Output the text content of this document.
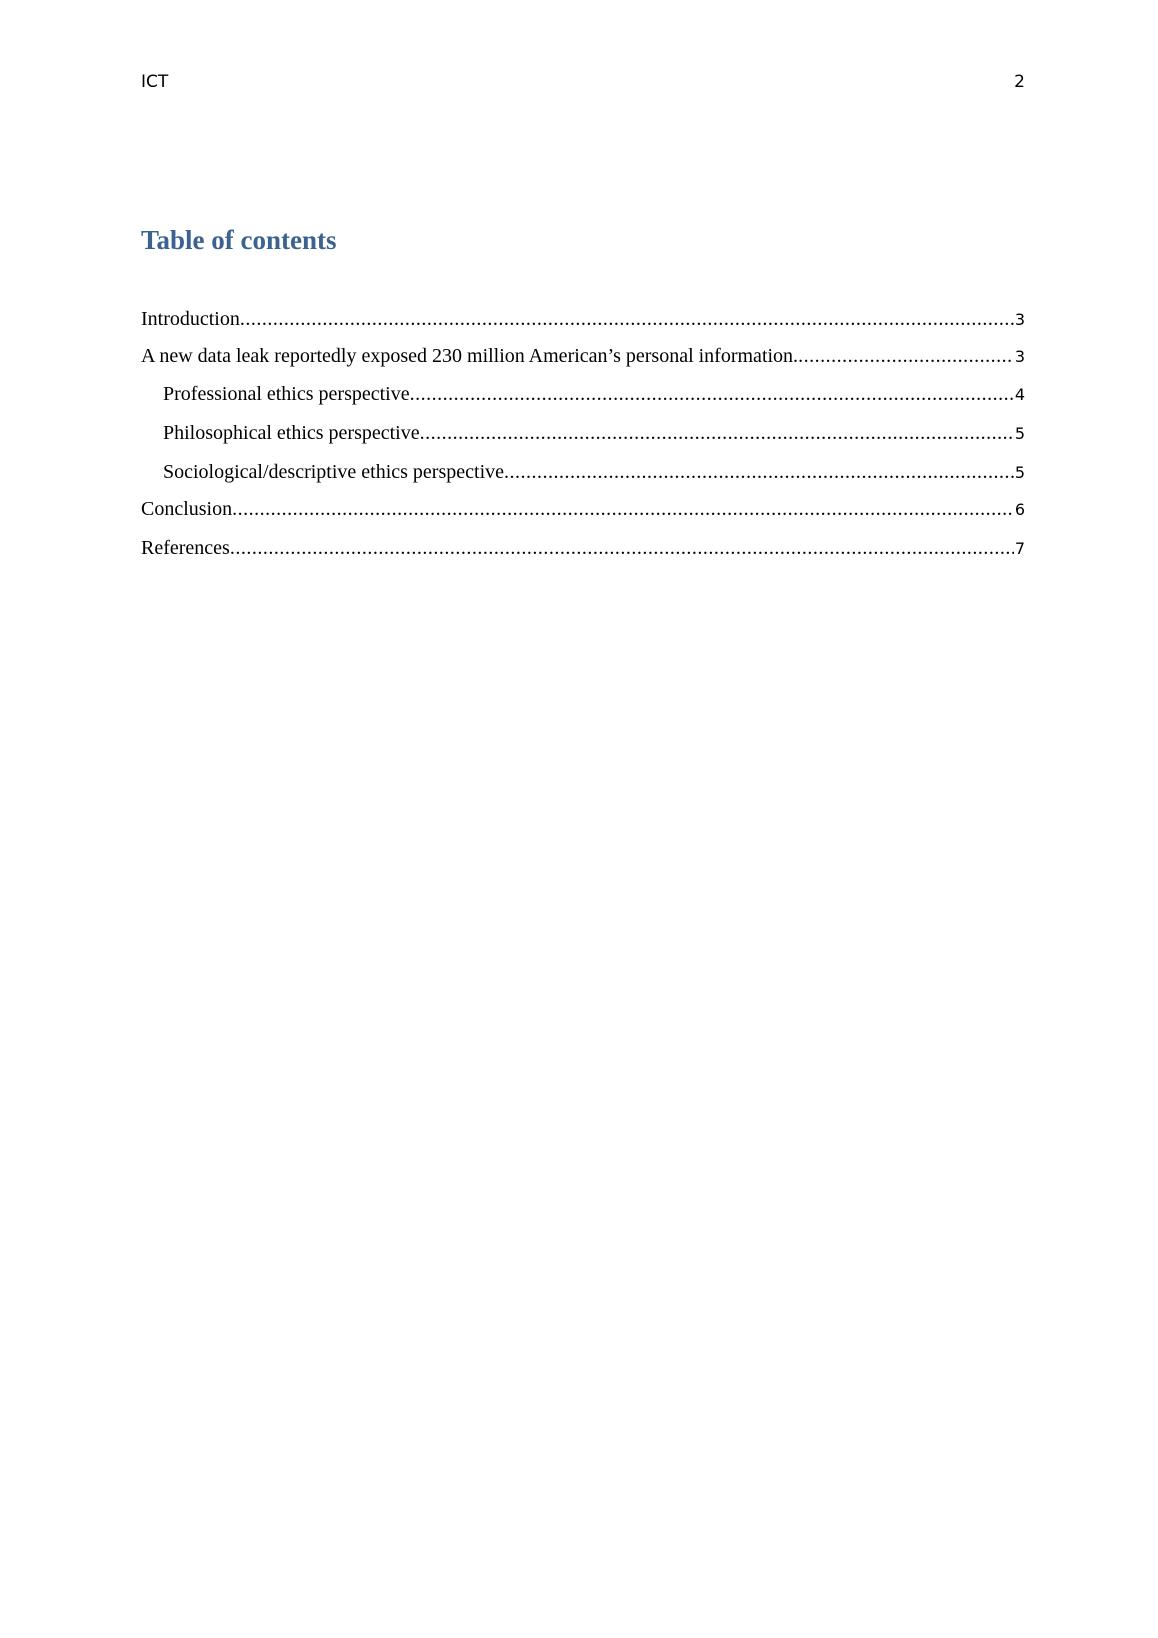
ICT	2
Table of contents
Introduction .....	3
A new data leak reportedly exposed 230 million American’s personal information. .....	3
Professional ethics perspective .....	4
Philosophical ethics perspective .....	5
Sociological/descriptive ethics perspective .....	5
Conclusion .....	6
References .....	7
